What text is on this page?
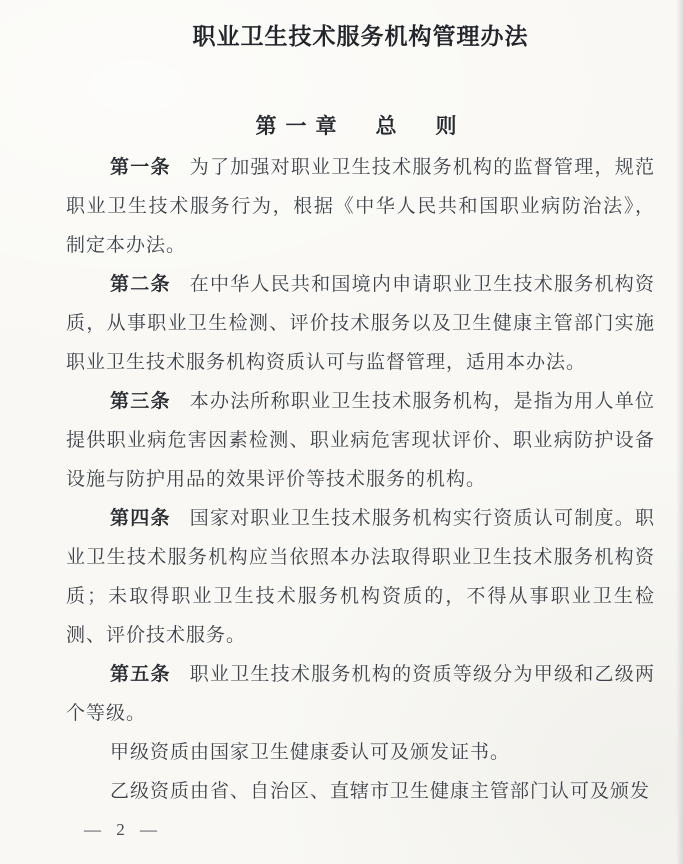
职业卫生技术服务机构管理办法
第一章　总　则

第一条 为了加强对职业卫生技术服务机构的监督管理，规范职业卫生技术服务行为，根据《中华人民共和国职业病防治法》，制定本办法。

第二条 在中华人民共和国境内申请职业卫生技术服务机构资质，从事职业卫生检测、评价技术服务以及卫生健康主管部门实施职业卫生技术服务机构资质认可与监督管理，适用本办法。

第三条 本办法所称职业卫生技术服务机构，是指为用人单位提供职业病危害因素检测、职业病危害现状评价、职业病防护设备设施与防护用品的效果评价等技术服务的机构。

第四条 国家对职业卫生技术服务机构实行资质认可制度。职业卫生技术服务机构应当依照本办法取得职业卫生技术服务机构资质；未取得职业卫生技术服务机构资质的，不得从事职业卫生检测、评价技术服务。

第五条 职业卫生技术服务机构的资质等级分为甲级和乙级两个等级。

甲级资质由国家卫生健康委认可及颁发证书。

乙级资质由省、自治区、直辖市卫生健康主管部门认可及颁发

— 2 —
